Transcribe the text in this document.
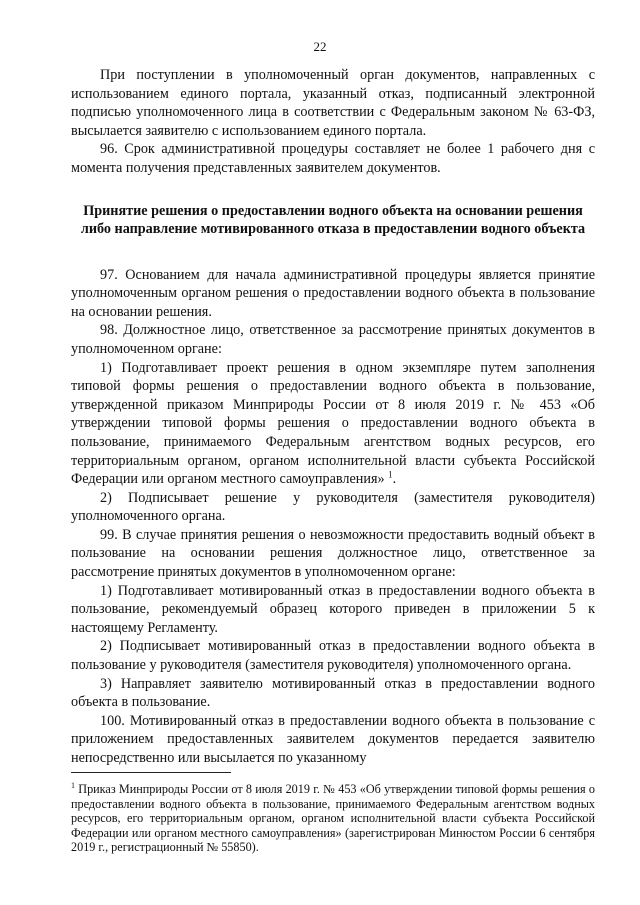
22

При поступлении в уполномоченный орган документов, направленных с использованием единого портала, указанный отказ, подписанный электронной подписью уполномоченного лица в соответствии с Федеральным законом № 63-ФЗ, высылается заявителю с использованием единого портала.

96. Срок административной процедуры составляет не более 1 рабочего дня с момента получения представленных заявителем документов.

Принятие решения о предоставлении водного объекта на основании решения либо направление мотивированного отказа в предоставлении водного объекта

97. Основанием для начала административной процедуры является принятие уполномоченным органом решения о предоставлении водного объекта в пользование на основании решения.

98. Должностное лицо, ответственное за рассмотрение принятых документов в уполномоченном органе:

1) Подготавливает проект решения в одном экземпляре путем заполнения типовой формы решения о предоставлении водного объекта в пользование, утвержденной приказом Минприроды России от 8 июля 2019 г. № 453 «Об утверждении типовой формы решения о предоставлении водного объекта в пользование, принимаемого Федеральным агентством водных ресурсов, его территориальным органом, органом исполнительной власти субъекта Российской Федерации или органом местного самоуправления» $^1$.

2) Подписывает решение у руководителя (заместителя руководителя) уполномоченного органа.

99. В случае принятия решения о невозможности предоставить водный объект в пользование на основании решения должностное лицо, ответственное за рассмотрение принятых документов в уполномоченном органе:

1) Подготавливает мотивированный отказ в предоставлении водного объекта в пользование, рекомендуемый образец которого приведен в приложении 5 к настоящему Регламенту.

2) Подписывает мотивированный отказ в предоставлении водного объекта в пользование у руководителя (заместителя руководителя) уполномоченного органа.

3) Направляет заявителю мотивированный отказ в предоставлении водного объекта в пользование.

100. Мотивированный отказ в предоставлении водного объекта в пользование с приложением предоставленных заявителем документов передается заявителю непосредственно или высылается по указанному

$^1$ Приказ Минприроды России от 8 июля 2019 г. № 453 «Об утверждении типовой формы решения о предоставлении водного объекта в пользование, принимаемого Федеральным агентством водных ресурсов, его территориальным органом, органом исполнительной власти субъекта Российской Федерации или органом местного самоуправления» (зарегистрирован Минюстом России 6 сентября 2019 г., регистрационный № 55850).
